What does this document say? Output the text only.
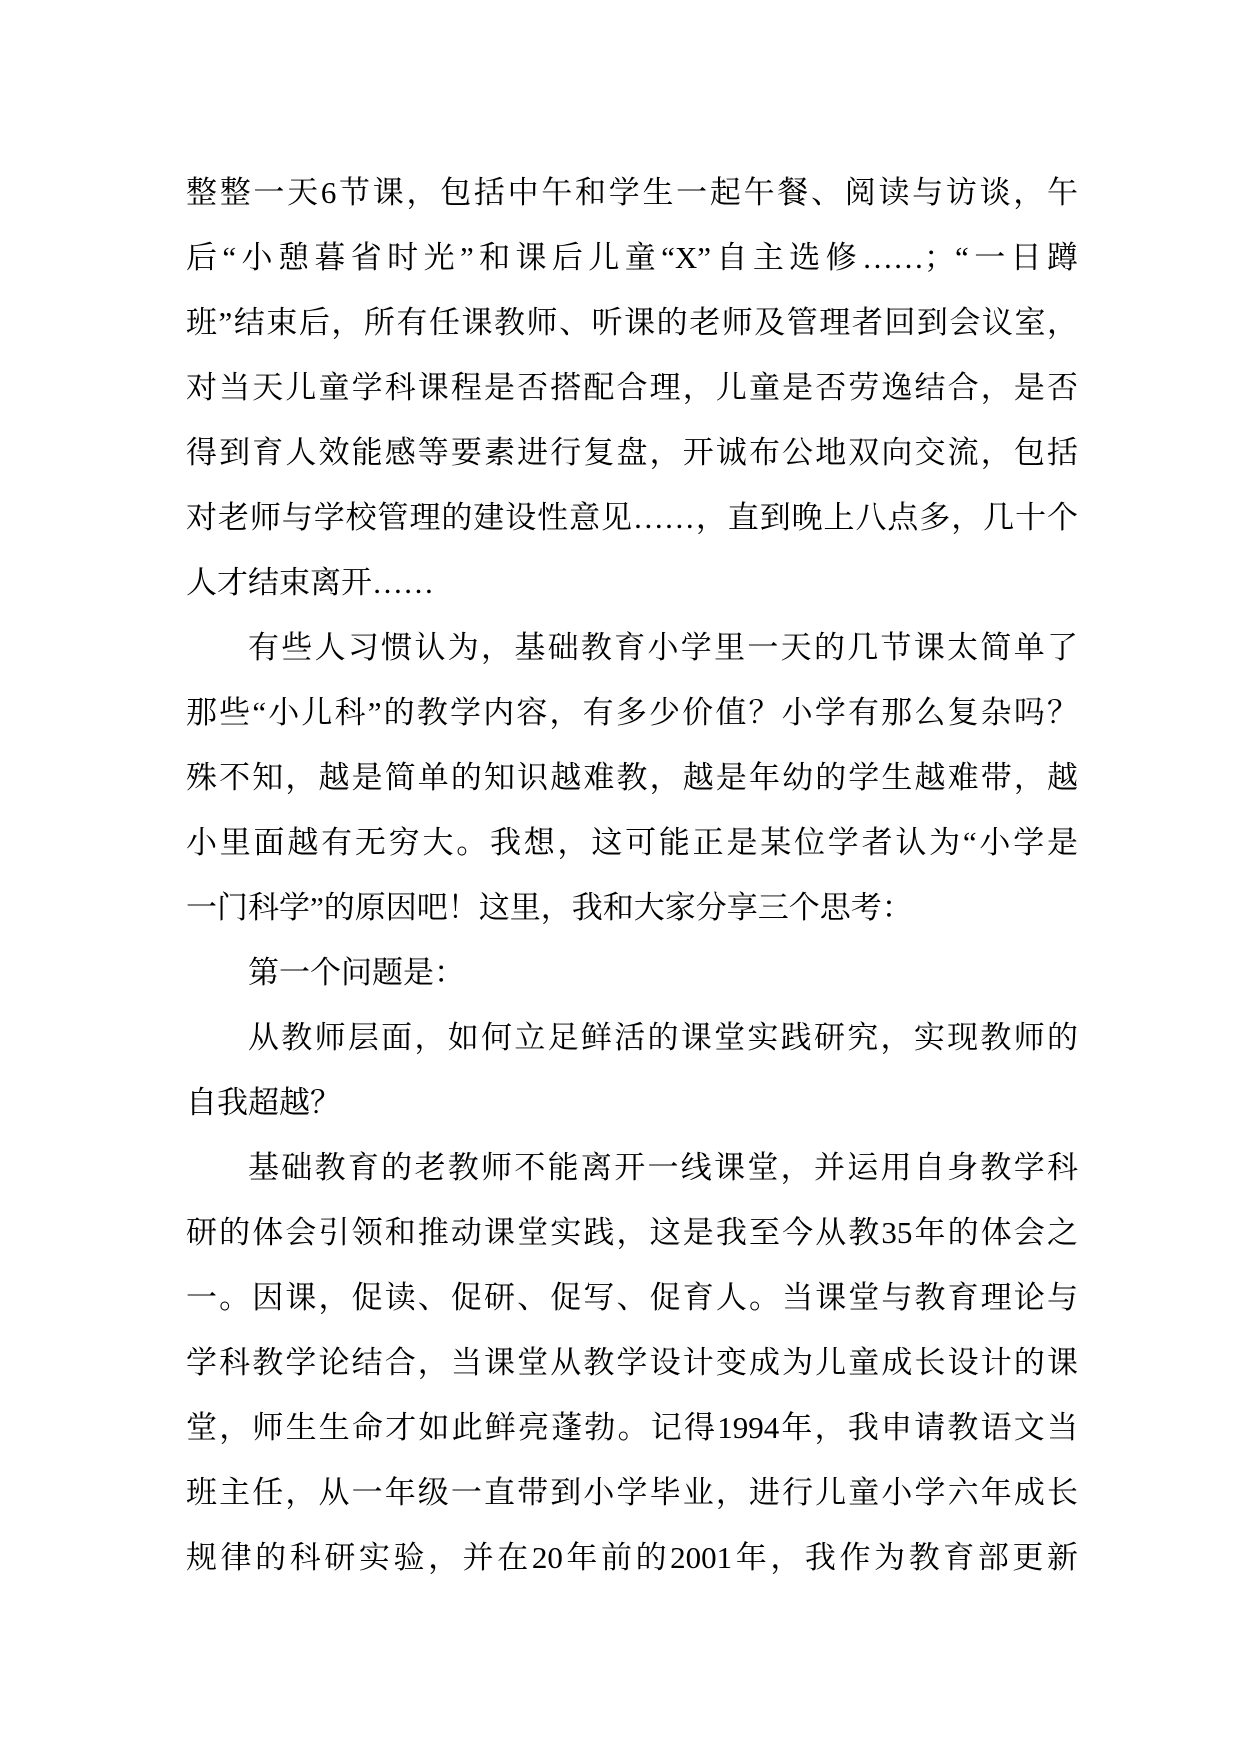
整整一天6节课，包括中午和学生一起午餐、阅读与访谈，午
后“小憩暮省时光”和课后儿童“X”自主选修……；“一日蹲
班”结束后，所有任课教师、听课的老师及管理者回到会议室，
对当天儿童学科课程是否搭配合理，儿童是否劳逸结合，是否
得到育人效能感等要素进行复盘，开诚布公地双向交流，包括
对老师与学校管理的建设性意见……，直到晚上八点多，几十个
人才结束离开……
有些人习惯认为，基础教育小学里一天的几节课太简单了
那些“小儿科”的教学内容，有多少价值？小学有那么复杂吗？
殊不知，越是简单的知识越难教，越是年幼的学生越难带，越
小里面越有无穷大。我想，这可能正是某位学者认为“小学是
一门科学”的原因吧！这里，我和大家分享三个思考：
第一个问题是：
从教师层面，如何立足鲜活的课堂实践研究，实现教师的
自我超越？
基础教育的老教师不能离开一线课堂，并运用自身教学科
研的体会引领和推动课堂实践，这是我至今从教35年的体会之
一。因课，促读、促研、促写、促育人。当课堂与教育理论与
学科教学论结合，当课堂从教学设计变成为儿童成长设计的课
堂，师生生命才如此鲜亮蓬勃。记得1994年，我申请教语文当
班主任，从一年级一直带到小学毕业，进行儿童小学六年成长
规律的科研实验，并在20年前的2001年，我作为教育部更新
